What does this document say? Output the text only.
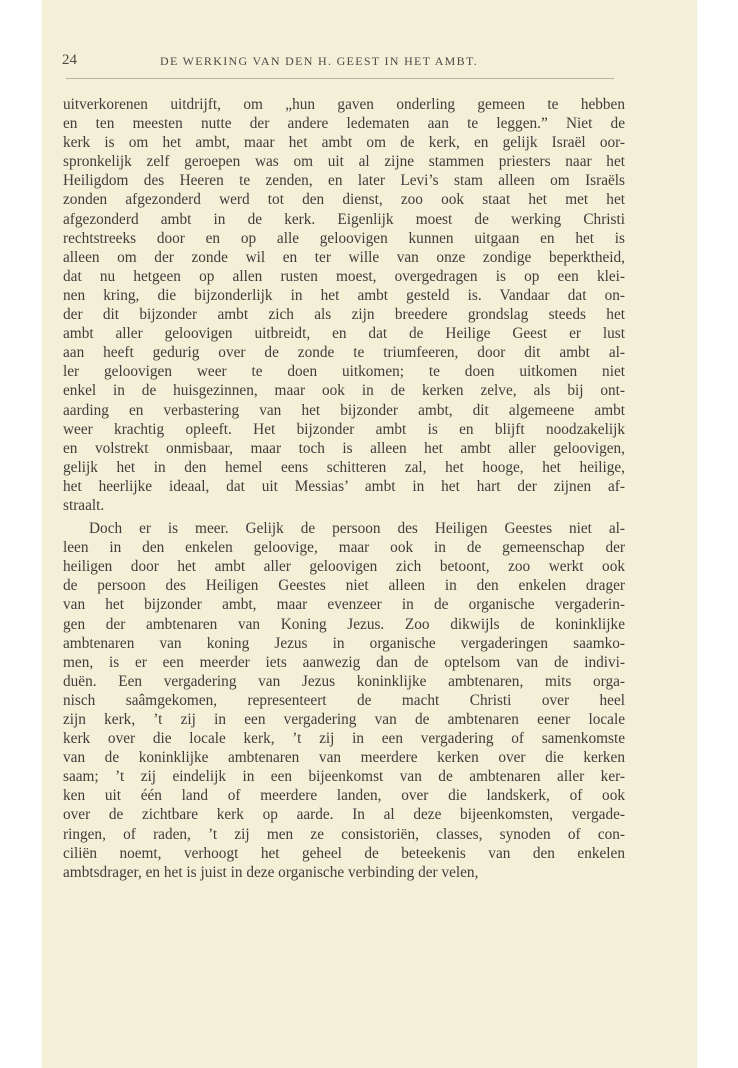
24	DE WERKING VAN DEN H. GEEST IN HET AMBT.
uitverkorenen uitdrijft, om „hun gaven onderling gemeen te hebben
en ten meesten nutte der andere ledematen aan te leggen.” Niet de
kerk is om het ambt, maar het ambt om de kerk, en gelijk Israël oor-
spronkelijk zelf geroepen was om uit al zijne stammen priesters naar het
Heiligdom des Heeren te zenden, en later Levi’s stam alleen om Israëls
zonden afgezonderd werd tot den dienst, zoo ook staat het met het
afgezonderd ambt in de kerk. Eigenlijk moest de werking Christi
rechtstreeks door en op alle geloovigen kunnen uitgaan en het is
alleen om der zonde wil en ter wille van onze zondige beperktheid,
dat nu hetgeen op allen rusten moest, overgedragen is op een klei-
nen kring, die bijzonderlijk in het ambt gesteld is. Vandaar dat on-
der dit bijzonder ambt zich als zijn breedere grondslag steeds het
ambt aller geloovigen uitbreidt, en dat de Heilige Geest er lust
aan heeft gedurig over de zonde te triumfeeren, door dit ambt al-
ler geloovigen weer te doen uitkomen; te doen uitkomen niet
enkel in de huisgezinnen, maar ook in de kerken zelve, als bij ont-
aarding en verbastering van het bijzonder ambt, dit algemeene ambt
weer krachtig opleeft. Het bijzonder ambt is en blijft noodzakelijk
en volstrekt onmisbaar, maar toch is alleen het ambt aller geloovigen,
gelijk het in den hemel eens schitteren zal, het hooge, het heilige,
het heerlijke ideaal, dat uit Messias’ ambt in het hart der zijnen af-
straalt.
Doch er is meer. Gelijk de persoon des Heiligen Geestes niet al-
leen in den enkelen geloovige, maar ook in de gemeenschap der
heiligen door het ambt aller geloovigen zich betoont, zoo werkt ook
de persoon des Heiligen Geestes niet alleen in den enkelen drager
van het bijzonder ambt, maar evenzeer in de organische vergaderin-
gen der ambtenaren van Koning Jezus. Zoo dikwijls de koninklijke
ambtenaren van koning Jezus in organische vergaderingen saamko-
men, is er een meerder iets aanwezig dan de optelsom van de indivi-
duën. Een vergadering van Jezus koninklijke ambtenaren, mits orga-
nisch saâmgekomen, representeert de macht Christi over heel
zijn kerk, ’t zij in een vergadering van de ambtenaren eener locale
kerk over die locale kerk, ’t zij in een vergadering of samenkomste
van de koninklijke ambtenaren van meerdere kerken over die kerken
saam; ’t zij eindelijk in een bijeenkomst van de ambtenaren aller ker-
ken uit één land of meerdere landen, over die landskerk, of ook
over de zichtbare kerk op aarde. In al deze bijeenkomsten, vergade-
ringen, of raden, ’t zij men ze consistoriën, classes, synoden of con-
ciliën noemt, verhoogt het geheel de beteekenis van den enkelen
ambtsdrager, en het is juist in deze organische verbinding der velen,
